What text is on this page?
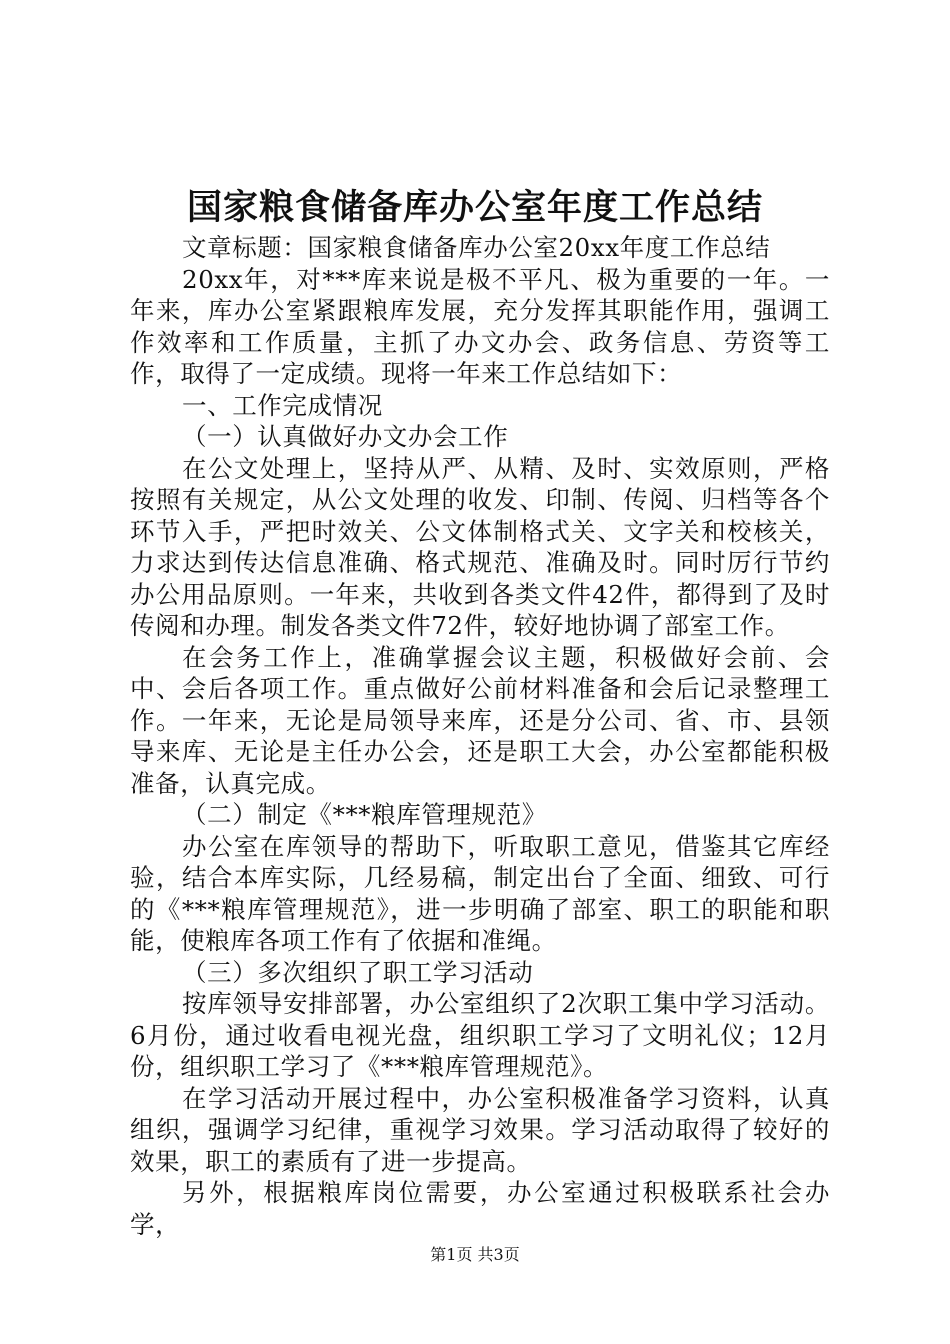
国家粮食储备库办公室年度工作总结

文章标题：国家粮食储备库办公室20xx年度工作总结

20xx年，对***库来说是极不平凡、极为重要的一年。一年来，库办公室紧跟粮库发展，充分发挥其职能作用，强调工作效率和工作质量，主抓了办文办会、政务信息、劳资等工作，取得了一定成绩。现将一年来工作总结如下：

一、工作完成情况

（一）认真做好办文办会工作

在公文处理上，坚持从严、从精、及时、实效原则，严格按照有关规定，从公文处理的收发、印制、传阅、归档等各个环节入手，严把时效关、公文体制格式关、文字关和校核关，力求达到传达信息准确、格式规范、准确及时。同时厉行节约办公用品原则。一年来，共收到各类文件42件，都得到了及时传阅和办理。制发各类文件72件，较好地协调了部室工作。

在会务工作上，准确掌握会议主题，积极做好会前、会中、会后各项工作。重点做好公前材料准备和会后记录整理工作。一年来，无论是局领导来库，还是分公司、省、市、县领导来库、无论是主任办公会，还是职工大会，办公室都能积极准备，认真完成。

（二）制定《***粮库管理规范》

办公室在库领导的帮助下，听取职工意见，借鉴其它库经验，结合本库实际，几经易稿，制定出台了全面、细致、可行的《***粮库管理规范》，进一步明确了部室、职工的职能和职能，使粮库各项工作有了依据和准绳。

（三）多次组织了职工学习活动

按库领导安排部署，办公室组织了2次职工集中学习活动。6月份，通过收看电视光盘，组织职工学习了文明礼仪；12月份，组织职工学习了《***粮库管理规范》。

在学习活动开展过程中，办公室积极准备学习资料，认真组织，强调学习纪律，重视学习效果。学习活动取得了较好的效果，职工的素质有了进一步提高。

另外，根据粮库岗位需要，办公室通过积极联系社会办学，

第1页 共3页
